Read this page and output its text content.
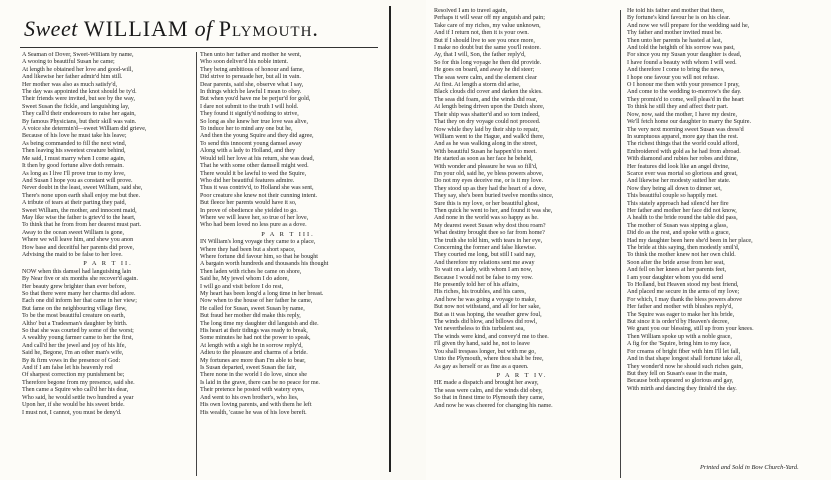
Sweet WILLIAM of Plymouth.
A Seaman of Dover, Sweet-William by name,
A wooing to beautiful Susan he came;
At length he obtained her love and good-will,
And likewise her father admir'd him still.
Her mother was also as much satisfy'd,
The day was appointed the knot should be ty'd.
Their friends were invited, but see by the way,
Sweet Susan the fickle, and languishing lay,
They call'd their endeavours to raise her again,
By famous Physicians, but their skill was vain.
A voice she determin'd—sweet William did grieve,
Because of his love he must take his leave;
As being commanded to fill the next wind,
Then leaving his sweetest creature behind,
Me said, I must marry when I come again,
It then by good fortune alive doth remain.
As long as I live I'll prove true to my love,
And Susan I hope you as constant will prove.
Never doubt in the least, sweet William, said she,
There's none upon earth shall enjoy me but thee.
A tribute of tears at their parting they paid,
Sweet William, the mother, and innocent maid,
May like wise the father is griev'd to the heart,
To think that he from from her dearest must part.
Away to the ocean sweet William is gone,
Where we will leave him, and shew you anon
How base and deceitful her parents did prove,
Advising the maid to be false to her love.
P A R T II.
NOW when this damsel had languishing lain
By Near five or six months she recover'd again.
Her beauty grew brighter than ever before,
So that there were many her charms did adore.
Each one did inform her that came in her view;
But fame on the neighbouring village flew,
To be the most beautiful creature on earth,
Altho' but a Tradesman's daughter by birth.
So that she was courted by some of the worst;
A wealthy young farmer came to her the first,
And call'd her the jewel and joy of his life,
Said he, Begone, I'm an other man's wife,
By & firm vows in the presence of God:
And if I am false let his heavenly rod
Of sharpest correction my punishment be;
Therefore begone from my presence, said she.
Then came a Squire who call'd her his dear,
Who said, he would settle two hundred a year
Upon her, if she would be his sweet bride.
I must not, I cannot, you must be deny'd.
Then unto her father and mother he went,
Who soon deliver'd his noble intent.
They being ambitious of honour and fame,
Did strive to persuade her, but all in vain.
Dear parents, said she, observe what I say,
In things which be lawful I mean to obey.
But when you'd have me be perjur'd for gold,
I dare not submit to the truth I will hold.
They found it signify'd nothing to strive,
So long as she knew her true love was alive,
To induce her to mind any one but he,
And then the young Squire and they did agree,
To send this innocent young damsel away
Along with a lady to Holland, and they
Would tell her love at his return, she was dead,
That he with some other damsell might wed.
There would it be lawful to wed the Squire,
Who did her beautiful features admire.
Thus it was contriv'd, to Holland she was sent,
Poor creature she knew not their cunning intent.
But fleece her parents would have it so,
In prove of obedience she yielded to go.
Where we will leave her, so true of her love,
Who had been loved no less pure as a dove.
P A R T III.
IN William's long voyage they came to a place,
Where they had been but a short space,
Where fortune did favour him, so that he bought
A bargain worth hundreds and thousands his thought
Then laden with riches he came on shore,
Said he, My jewel whom I do adore,
I will go and visit before I do rest,
My heart has been long'd a long time in her breast.
Now when to the house of her father he came,
He called for Susan, sweet Susan by name,
But fraud her mother did make this reply,
The long time my daughter did languish and die.
His heart at their tidings was ready to break,
Some minutes he had not the power to speak,
At length with a sigh he in sorrow reply'd,
Adieu to the pleasure and charms of a bride.
My fortunes are more than I'm able to bear,
Is Susan departed, sweet Susan the fair,
There none in the world I do love, since she
Is laid in the grave, there can be no peace for me.
Their pretence he posted with watery eyes,
And went to his own brother's, who lies,
His own loving parents, and with them he left
His wealth, 'cause he was of his love bereft.
Resolved I am to travel again,
Perhaps it will wear off my anguish and pain;
Take care of my riches, my value unknown,
And if I return not, then it is your own.
But if I should live to see you once more,
I make no doubt but the same you'll restore.
Ay, that I will, Son, the father reply'd,
So for this long voyage he then did provide.
He goes on board, and away he did steer;
The seas were calm, and the element clear
At first. At length a storm did arise,
Black clouds did cover and darken the skies.
The seas did foam, and the winds did roar,
At length being driven upon the Dutch shore,
Their ship was shatter'd and so torn indeed,
That they on dry voyage could not proceed.
Now while they laid by their ship to repair,
William went to the Hague, and walk'd there,
And as he was walking along in the street,
With beautiful Susan he happen'd to meet.
He started as soon as her face he beheld,
With wonder and pleasure he was so fill'd,
I'm your old, said he, ye bless powers above,
Do not my eyes deceive me, or is it my love.
They stood up as they had the heart of a dove,
They say, she's been buried twelve months since,
Sure this is my love, or her beautiful ghost,
Then quick he went to her, and found it was she,
And none in the world was so happy as he.
My dearest sweet Susan why dost thou roam?
What destiny brought thee so far from home?
The truth she told him, with tears in her eye,
Concerning the former and false likewise.
They courted me long, but still I said nay,
And therefore my relations sent me away
To wait on a lady, with whom I am now,
Because I would not be false to my vow.
He presently told her of his affairs,
His riches, his troubles, and his cares,
And how he was going a voyage to make,
But now not withstand, and all for her sake,
But as it was hoping, the weather grew foul,
The winds did blow, and billows did rowl,
Yet nevertheless to this turbulent sea,
The winds were kind, and convey'd me to thee.
I'll given thy hand, said he, not to leave
You shall trespass longer, but with me go,
Unto the Plymouth, where thou shalt be free,
As gay as herself or as fine as a queen.
P A R T IV.
HE made a dispatch and brought her away,
The seas were calm, and the winds did obey,
So that in finest time to Plymouth they came,
And now he was cheered for changing his name.
He told his father and mother that there,
By fortune's kind favour he is on his clear.
And now we will prepare for the wedding said he,
Thy father and mother invited must be.
Then unto her parents he hasted at last,
And told the heighth of his sorrow was past,
For since you my Susan your daughter is dead,
I have found a beauty with whom I will wed.
And therefore I come to bring the news,
I hope one favour you will not refuse.
O I honour me then with your presence I pray,
And come to the wedding to-morrow's the day.
They promis'd to come, well pleas'd in the heart
To think he still they and affect their part.
Now, now, said the mother, I have my desire,
We'll fetch home our daughter to marry the Squire.
The very next morning sweet Susan was dress'd
In sumptuous apparel, more gay than the rest.
The richest things that the world could afford,
Embroidered with gold as he had from abroad.
With diamond and rubies her robes and thine,
Her features did look like an angel divine,
Scarce ever was mortal so glorious and great,
And likewise her modesty suited her state.
Now they being all down to dinner set,
This beautiful couple so happily met.
This stately approach had silenc'd her fire
Her father and mother her face did not know,
A health to the bride round the table did pass,
The mother of Susan was sipping a glass,
Did do as the rest, and spoke with a grace,
Had my daughter been here she'd been in her place,
The bride at this saying, then modestly smil'd,
To think the mother knew not her own child.
Soon after the bride arose from her seat,
And fell on her knees at her parents feet,
I am your daughter whom you did send
To Holland, but Heaven stood my best friend,
And placed me secure in the arms of my love;
For which, I may thank the bless powers above
Her father and mother with blushes reply'd,
The Squire was eager to make her his bride,
But since it is order'd by Heaven's decree,
We grant you our blessing, still up from your knees.
Then William spoke up with a noble grace,
A fig for the 'Squire, bring him to my face,
For creams of bright fiber with him I'll let fall,
And in that shape longest shall fortune take all,
They wonder'd now he should such riches gain,
But they fell on Susan's ease in the main,
Because both appeared so glorious and gay,
With mirth and dancing they finish'd the day.
Printed and Sold in Bow Church-Yard.
